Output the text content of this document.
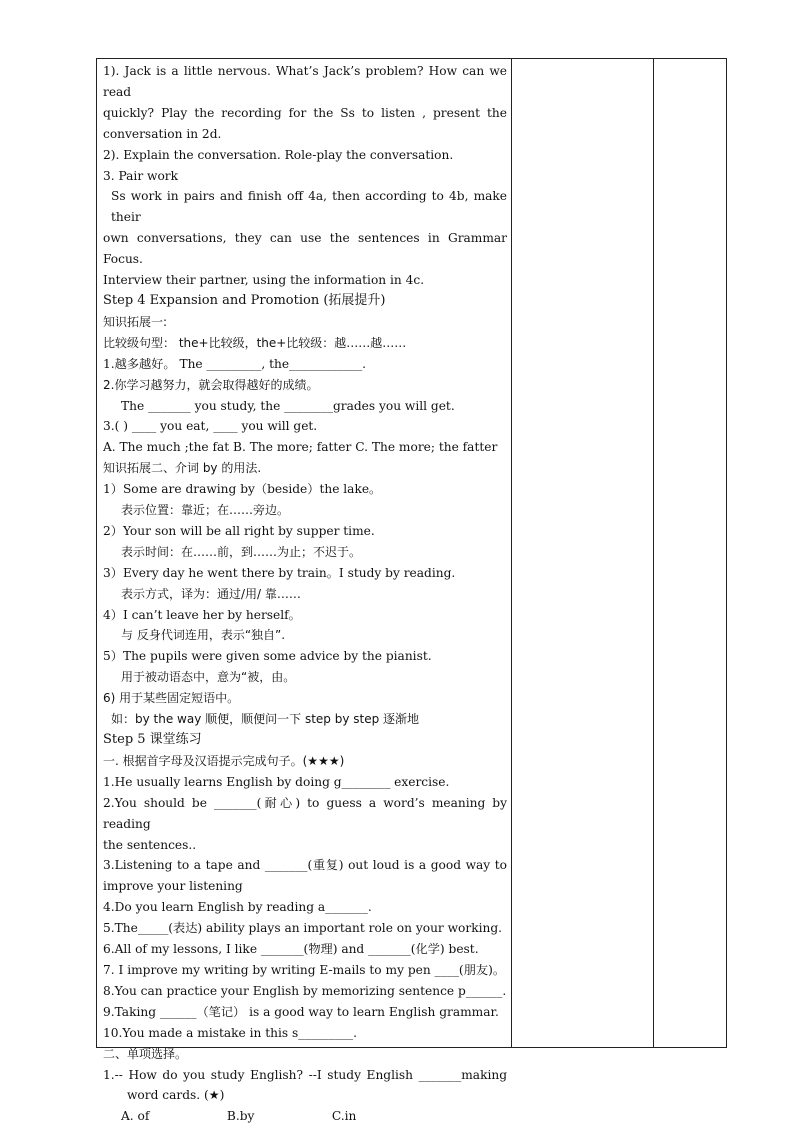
1). Jack is a little nervous. What’s Jack’s problem? How can we read

quickly? Play the recording for the Ss to listen , present the

conversation in 2d.

2). Explain the conversation. Role-play the conversation.

3. Pair work

Ss work in pairs and finish off 4a, then according to 4b, make their

own conversations, they can use the sentences in Grammar Focus.

Interview their partner, using the information in 4c.

Step 4 Expansion and Promotion (拓展提升)

知识拓展一:

比较级句型： the+比较级，the+比较级：越……越……

1.越多越好。 The _________, the____________.

2.你学习越努力，就会取得越好的成绩。

The _______ you study, the ________grades you will get.

3.( ) ____ you eat, ____ you will get.

A. The much ;the fat B. The more; fatter C. The more; the fatter

知识拓展二、介词 by 的用法.

1）Some are drawing by（beside）the lake。

表示位置：靠近；在……旁边。

2）Your son will be all right by supper time.

表示时间：在……前，到……为止；不迟于。

3）Every day he went there by train。I study by reading.

表示方式，译为：通过/用/ 靠……

4）I can’t leave her by herself。

与 反身代词连用，表示“独自”.

5）The pupils were given some advice by the pianist.

用于被动语态中，意为“被，由。

6) 用于某些固定短语中。

如：by the way 顺便，顺便问一下 step by step 逐渐地

Step 5 课堂练习

一. 根据首字母及汉语提示完成句子。(★★★)

1.He usually learns English by doing g________ exercise.

2.You should be _______(耐心) to guess a word’s meaning by reading

the sentences..

3.Listening to a tape and _______(重复) out loud is a good way to

improve your listening

4.Do you learn English by reading a_______.

5.The_____(表达) ability plays an important role on your working.

6.All of my lessons, I like _______(物理) and _______(化学) best.

7. I improve my writing by writing E-mails to my pen ____(朋友)。

8.You can practice your English by memorizing sentence p______.

9.Taking ______（笔记） is a good way to learn English grammar.

10.You made a mistake in this s_________.

二、单项选择。

1.-- How do you study English? --I study English _______making

word cards. (★)

A. of                    B.by                    C.in
